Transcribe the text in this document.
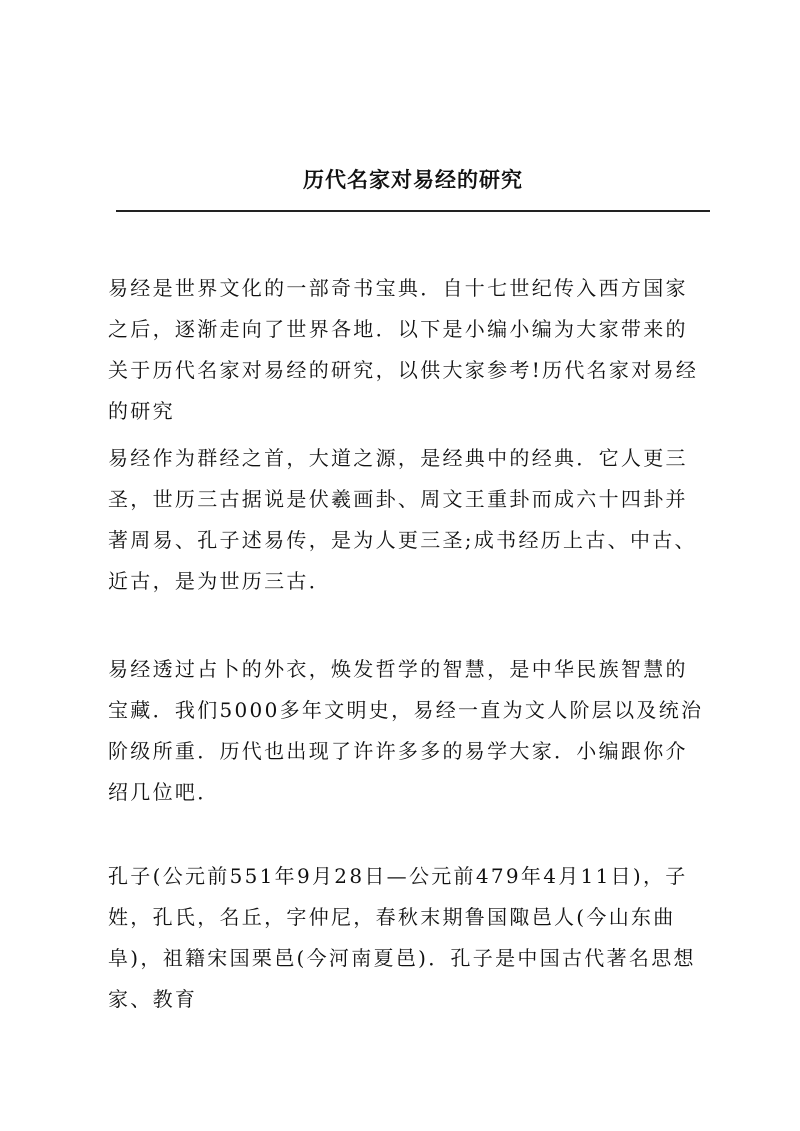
历代名家对易经的研究

易经是世界文化的一部奇书宝典．自十七世纪传入西方国家之后，逐渐走向了世界各地．以下是小编小编为大家带来的关于历代名家对易经的研究，以供大家参考!历代名家对易经的研究

易经作为群经之首，大道之源，是经典中的经典．它人更三圣，世历三古据说是伏羲画卦、周文王重卦而成六十四卦并著周易、孔子述易传，是为人更三圣;成书经历上古、中古、近古，是为世历三古．

易经透过占卜的外衣，焕发哲学的智慧，是中华民族智慧的宝藏．我们5000多年文明史，易经一直为文人阶层以及统治阶级所重．历代也出现了许许多多的易学大家．小编跟你介绍几位吧．

孔子(公元前551年9月28日—公元前479年4月11日)，子姓，孔氏，名丘，字仲尼，春秋末期鲁国陬邑人(今山东曲阜)，祖籍宋国栗邑(今河南夏邑)．孔子是中国古代著名思想家、教育
